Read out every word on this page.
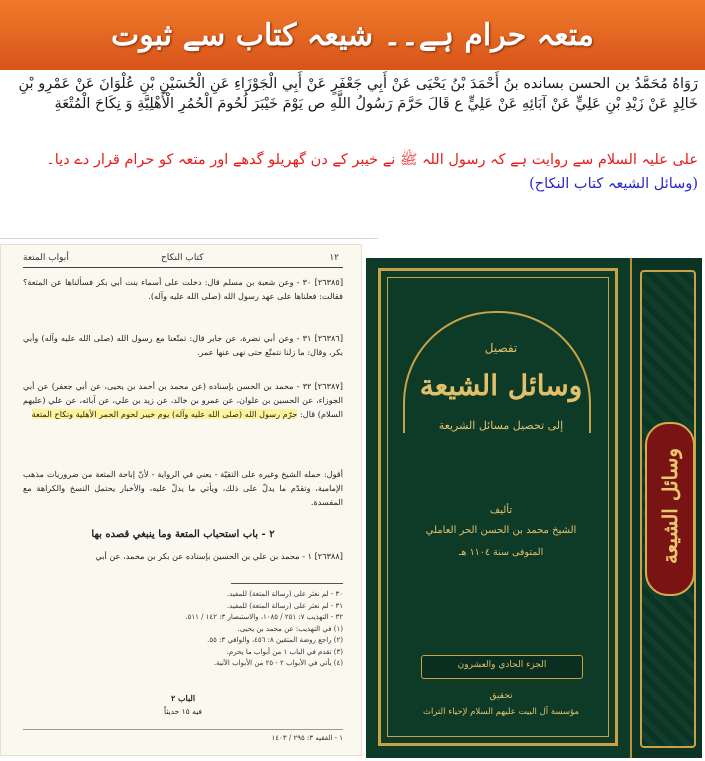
متعہ حرام ہے۔۔ شیعہ کتاب سے ثبوت
رَوَاهُ مُحَمَّدُ بن الحسن بسانده بنُ أَحْمَدَ بْنُ يَحْيَى عَنْ أَبِي جَعْفَرٍ عَنْ أَبِي الْجَوْزَاءِ عَنِ الْحُسَيْنِ بْنِ عُلْوَانَ عَنْ عَمْرِو بْنِ خَالِدٍ عَنْ زَيْدِ بْنِ عَلِيٍّ عَنْ آبَائِهِ عَنْ عَلِيٍّ ع قَالَ حَرَّمَ رَسُولُ اللَّهِ ص يَوْمَ خَيْبَرَ لُحُومَ الْحُمُرِ الْأَهْلِيَّةِ وَ نِكَاحَ الْمُتْعَةِ
علی علیہ السلام سے روایت ہے کہ رسول اللہ ﷺ نے خیبر کے دن گھریلو گدھے اور متعہ کو حرام قرار دے دیا۔ (وسائل الشیعہ کتاب النکاح)
١٢
كتاب النكاح
أبواب المتعة
[٢٦٣٨٥] ٣٠ - وعن شعبة بن مسلم قال: دخلت على أسماء بنت أبي بكر فسألناها عن المتعة؟ فقالت: فعلناها على عهد رسول الله (صلى الله عليه وآله).
[٢٦٣٨٦] ٣١ - وعن أبي نضرة، عن جابر قال: تمتّعنا مع رسول الله (صلى الله عليه وآله) وأبي بكر، وقال: ما زلنا نتمتّع حتى نهى عنها عمر.
[٢٦٣٨٧] ٣٢ - محمد بن الحسن بإسناده (عن محمد بن أحمد بن يحيى، عن أبي جعفر) عن أبي الجوزاء، عن الحسين بن علوان، عن عمرو بن خالد، عن زيد بن علي، عن آبائه، عن علي (عليهم السلام) قال: حرّم رسول الله (صلى الله عليه وآله) يوم خيبر لحوم الحمر الأهلية ونكاح المتعة
أقول: حمله الشيخ وغيره على التقيّة - يعني في الرواية - لأنّ إباحة المتعة من ضروريات مذهب الإمامية، وتقدّم ما يدلّ على ذلك، ويأتي ما يدلّ عليه، والأخبار يحتمل النسخ والكراهة مع المفسدة.
٢ - باب استحباب المتعة وما ينبغي قصده بها
[٢٦٣٨٨] ١ - محمد بن علي بن الحسين بإسناده عن بكر بن محمد، عن أبي
٣٠ - لم نعثر على (رسالة المتعة) للمفيد.
٣١ - لم نعثر على (رسالة المتعة) للمفيد.
٣٢ - التهذيب ٧: ٢٥١ / ١٠٨٥، والاستبصار ٣: ١٤٢ / ٥١١.
(١) في التهذيب: عن محمد بن يحيى.
(٢) راجع روضة المتقين ٨: ٤٥٦، والوافي ٣: ٥٥.
(٣) تقدم في الباب ١ من أبواب ما يحرم.
(٤) يأتي في الأبواب ٢ - ٢٥ من الأبواب الآتية.
الباب ٢
فيه ١٥ حديثاً
١ - الفقيه ٣: ٢٩٥ / ١٤٠٣
تفصيل
وسائل الشيعة
إلى تحصيل مسائل الشريعة
تأليف
الشيخ محمد بن الحسن الحر العاملي
المتوفى سنة ١١٠٤ هـ
الجزء الحادي والعشرون
تحقيق
مؤسسة آل البيت عليهم السلام لإحياء التراث
وسائل الشيعة
